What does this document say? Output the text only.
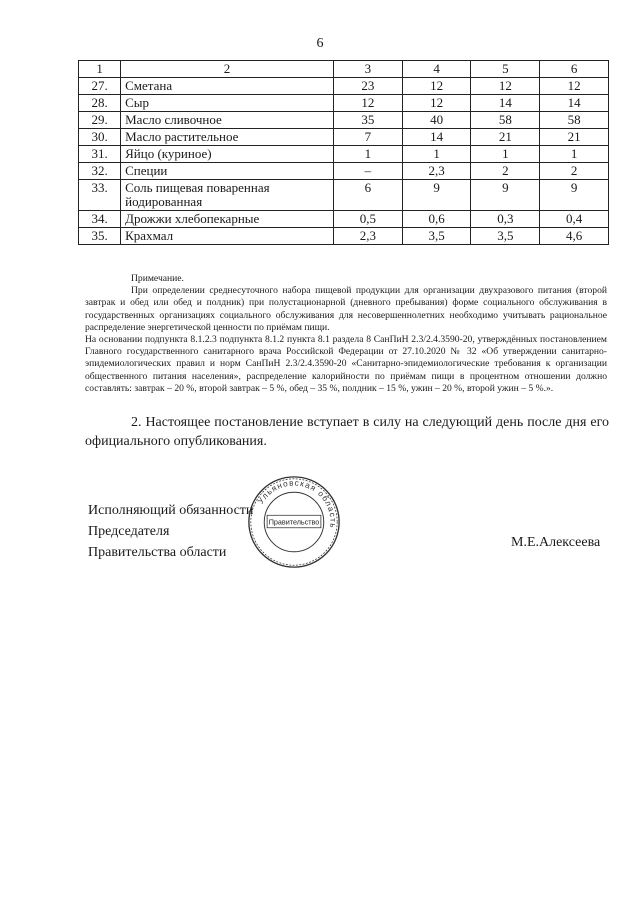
6
1	2	3	4	5	6
27.	Сметана	23	12	12	12
28.	Сыр	12	12	14	14
29.	Масло сливочное	35	40	58	58
30.	Масло растительное	7	14	21	21
31.	Яйцо (куриное)	1	1	1	1
32.	Специи	–	2,3	2	2
33.	Соль пищевая поваренная йодированная	6	9	9	9
34.	Дрожжи хлебопекарные	0,5	0,6	0,3	0,4
35.	Крахмал	2,3	3,5	3,5	4,6

Примечание.

При определении среднесуточного набора пищевой продукции для организации двухразового питания (второй завтрак и обед или обед и полдник) при полустационарной (дневного пребывания) форме социального обслуживания в государственных организациях социального обслуживания для несовершеннолетних необходимо учитывать рациональное распределение энергетической ценности по приёмам пищи.

На основании подпункта 8.1.2.3 подпункта 8.1.2 пункта 8.1 раздела 8 СанПиН 2.3/2.4.3590-20, утверждённых постановлением Главного государственного санитарного врача Российской Федерации от 27.10.2020 № 32 «Об утверждении санитарно-эпидемиологических правил и норм СанПиН 2.3/2.4.3590-20 «Санитарно-эпидемиологические требования к организации общественного питания населения», распределение калорийности по приёмам пищи в процентном отношении должно составлять: завтрак – 20 %, второй завтрак – 5 %, обед – 35 %, полдник – 15 %, ужин – 20 %, второй ужин – 5 %.».

2. Настоящее постановление вступает в силу на следующий день после дня его официального опубликования.

Исполняющий обязанности
Председателя
Правительства области
Ульяновская область
Правительство
М.Е.Алексеева
